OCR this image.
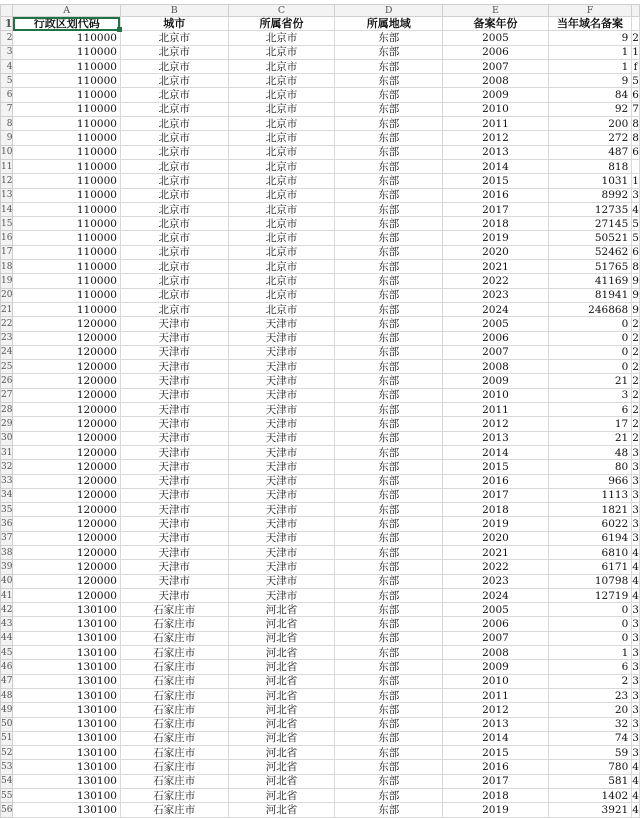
	A	B	C	D	E	F	
1	行政区划代码	城市	所属省份	所属地域	备案年份	当年域名备案	
2	110000	北京市	北京市	东部	2005	9	2
3	110000	北京市	北京市	东部	2006	1	1
4	110000	北京市	北京市	东部	2007	1	f
5	110000	北京市	北京市	东部	2008	9	5
6	110000	北京市	北京市	东部	2009	84	6
7	110000	北京市	北京市	东部	2010	92	7
8	110000	北京市	北京市	东部	2011	200	8
9	110000	北京市	北京市	东部	2012	272	8
10	110000	北京市	北京市	东部	2013	487	6
11	110000	北京市	北京市	东部	2014	818	
12	110000	北京市	北京市	东部	2015	1031	1
13	110000	北京市	北京市	东部	2016	8992	3
14	110000	北京市	北京市	东部	2017	12735	4
15	110000	北京市	北京市	东部	2018	27145	5
16	110000	北京市	北京市	东部	2019	50521	5
17	110000	北京市	北京市	东部	2020	52462	6
18	110000	北京市	北京市	东部	2021	51765	8
19	110000	北京市	北京市	东部	2022	41169	9
20	110000	北京市	北京市	东部	2023	81941	9
21	110000	北京市	北京市	东部	2024	246868	9
22	120000	天津市	天津市	东部	2005	0	2
23	120000	天津市	天津市	东部	2006	0	2
24	120000	天津市	天津市	东部	2007	0	2
25	120000	天津市	天津市	东部	2008	0	2
26	120000	天津市	天津市	东部	2009	21	2
27	120000	天津市	天津市	东部	2010	3	2
28	120000	天津市	天津市	东部	2011	6	2
29	120000	天津市	天津市	东部	2012	17	2
30	120000	天津市	天津市	东部	2013	21	2
31	120000	天津市	天津市	东部	2014	48	3
32	120000	天津市	天津市	东部	2015	80	3
33	120000	天津市	天津市	东部	2016	966	3
34	120000	天津市	天津市	东部	2017	1113	3
35	120000	天津市	天津市	东部	2018	1821	3
36	120000	天津市	天津市	东部	2019	6022	3
37	120000	天津市	天津市	东部	2020	6194	3
38	120000	天津市	天津市	东部	2021	6810	4
39	120000	天津市	天津市	东部	2022	6171	4
40	120000	天津市	天津市	东部	2023	10798	4
41	120000	天津市	天津市	东部	2024	12719	4
42	130100	石家庄市	河北省	东部	2005	0	3
43	130100	石家庄市	河北省	东部	2006	0	3
44	130100	石家庄市	河北省	东部	2007	0	3
45	130100	石家庄市	河北省	东部	2008	1	3
46	130100	石家庄市	河北省	东部	2009	6	3
47	130100	石家庄市	河北省	东部	2010	2	3
48	130100	石家庄市	河北省	东部	2011	23	3
49	130100	石家庄市	河北省	东部	2012	20	3
50	130100	石家庄市	河北省	东部	2013	32	3
51	130100	石家庄市	河北省	东部	2014	74	3
52	130100	石家庄市	河北省	东部	2015	59	3
53	130100	石家庄市	河北省	东部	2016	780	4
54	130100	石家庄市	河北省	东部	2017	581	4
55	130100	石家庄市	河北省	东部	2018	1402	4
56	130100	石家庄市	河北省	东部	2019	3921	4
